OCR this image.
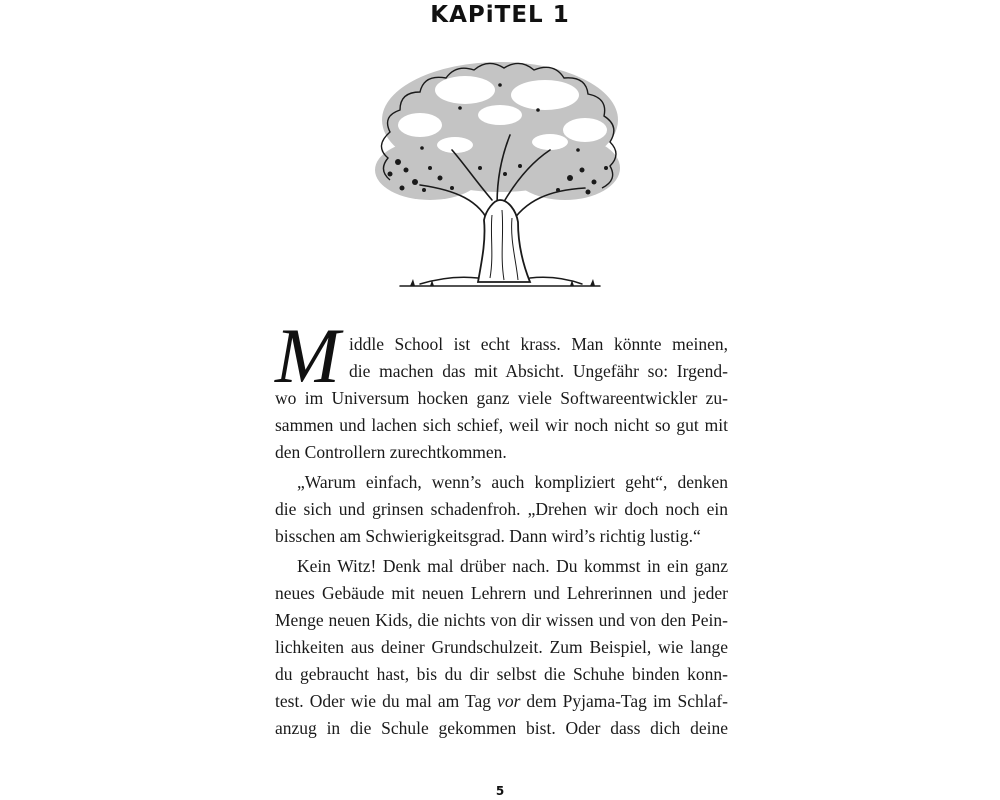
KAPiTEL 1
M iddle School ist echt krass. Man könnte meinen,
die machen das mit Absicht. Ungefähr so: Irgend-
wo im Universum hocken ganz viele Softwareentwickler zu-
sammen und lachen sich schief, weil wir noch nicht so gut mit
den Controllern zurechtkommen.
„Warum einfach, wenn’s auch kompliziert geht“, denken
die sich und grinsen schadenfroh. „Drehen wir doch noch ein
bisschen am Schwierigkeitsgrad. Dann wird’s richtig lustig.“
Kein Witz! Denk mal drüber nach. Du kommst in ein ganz
neues Gebäude mit neuen Lehrern und Lehrerinnen und jeder
Menge neuen Kids, die nichts von dir wissen und von den Pein-
lichkeiten aus deiner Grundschulzeit. Zum Beispiel, wie lange
du gebraucht hast, bis du dir selbst die Schuhe binden konn-
test. Oder wie du mal am Tag vor dem Pyjama-Tag im Schlaf-
anzug in die Schule gekommen bist. Oder dass dich deine
5
